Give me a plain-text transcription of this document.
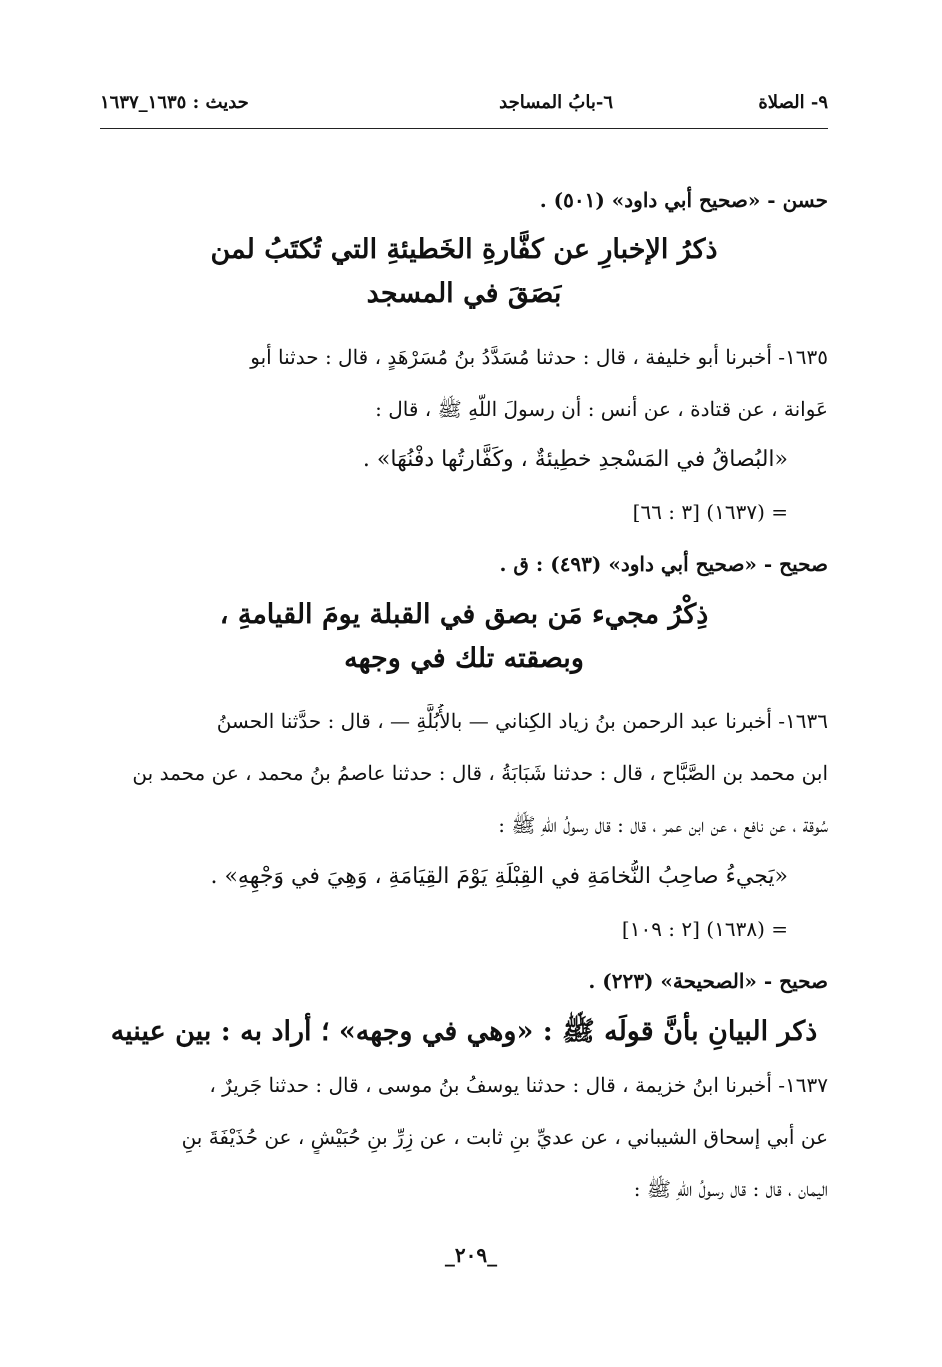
٩- الصلاة
٦-بابُ المساجد
حديث : ١٦٣٥_١٦٣٧
حسن - «صحيح أبي داود» (٥٠١) .
ذكرُ الإخبارِ عن كفَّارةِ الخَطيئةِ التي تُكتَبُ لمن بَصَقَ في المسجد
١٦٣٥- أخبرنا أبو خليفة ، قال : حدثنا مُسَدَّدُ بنُ مُسَرْهَدٍ ، قال : حدثنا أبو
عَوانة ، عن قتادة ، عن أنس : أن رسولَ اللّهِ ﷺ ، قال :
«البُصاقُ في المَسْجدِ خطِيئةٌ ، وكَفَّارتُها دفْنُهَا» .
= (١٦٣٧) [٣ : ٦٦]
صحيح - «صحيح أبي داود» (٤٩٣) : ق .
ذِكْرُ مجيء مَن بصق في القبلة يومَ القيامةِ ، وبصقته تلك في وجهه
١٦٣٦- أخبرنا عبد الرحمن بنُ زياد الكِناني — بالأُبُلَّةِ — ، قال : حدَّثنا الحسنُ
ابن محمد بن الصَّبَّاح ، قال : حدثنا شَبَابَةُ ، قال : حدثنا عاصمُ بنُ محمد ، عن محمد بن
سُوقة ، عن نافع ، عن ابن عمر ، قال : قال رسولُ اللّهِ ﷺ :
«يَجيءُ صاحِبُ النُّخامَةِ في القِبْلَةِ يَوْمَ القِيَامَةِ ، وَهِيَ في وَجْهِهِ» .
= (١٦٣٨) [٢ : ١٠٩]
صحيح - «الصحيحة» (٢٢٣) .
ذكر البيانِ بأنَّ قولَه ﷺ : «وهي في وجهه» ؛ أراد به : بين عينيه
١٦٣٧- أخبرنا ابنُ خزيمة ، قال : حدثنا يوسفُ بنُ موسى ، قال : حدثنا جَريرٌ ،
عن أبي إسحاق الشيباني ، عن عديِّ بنِ ثابت ، عن زِرِّ بنِ حُبَيْشٍ ، عن حُذَيْفَةَ بنِ
اليمان ، قال : قال رسولُ اللّهِ ﷺ :
_٢٠٩_
